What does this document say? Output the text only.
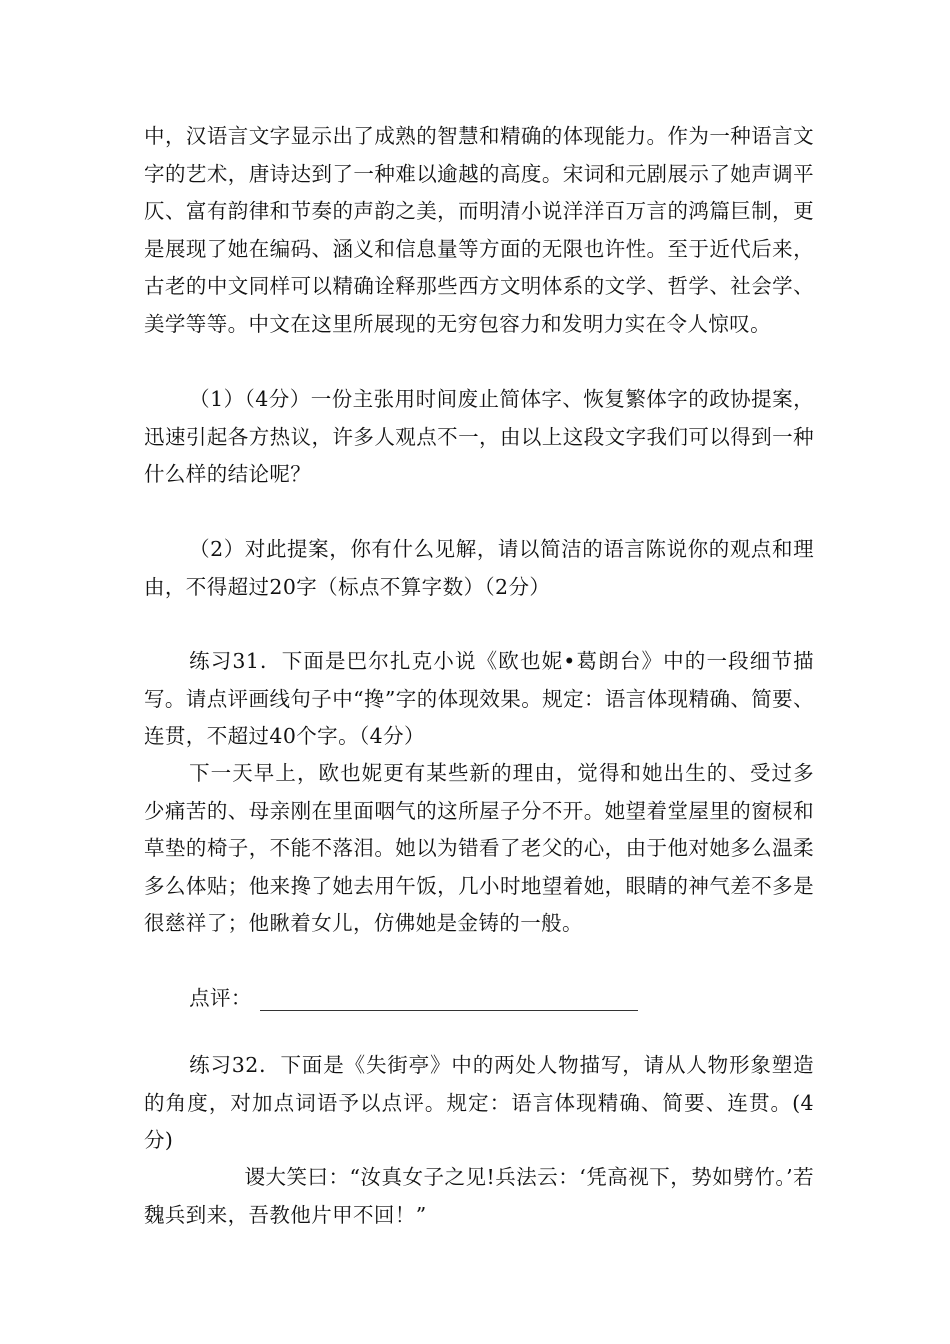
中，汉语言文字显示出了成熟的智慧和精确的体现能力。作为一种语言文字的艺术，唐诗达到了一种难以逾越的高度。宋词和元剧展示了她声调平仄、富有韵律和节奏的声韵之美，而明清小说洋洋百万言的鸿篇巨制，更是展现了她在编码、涵义和信息量等方面的无限也许性。至于近代后来，古老的中文同样可以精确诠释那些西方文明体系的文学、哲学、社会学、美学等等。中文在这里所展现的无穷包容力和发明力实在令人惊叹。

（1）（4分）一份主张用时间废止简体字、恢复繁体字的政协提案，迅速引起各方热议，许多人观点不一，由以上这段文字我们可以得到一种什么样的结论呢？

（2）对此提案，你有什么见解，请以简洁的语言陈说你的观点和理由，不得超过20字（标点不算字数）（2分）

练习31．下面是巴尔扎克小说《欧也妮•葛朗台》中的一段细节描写。请点评画线句子中“搀”字的体现效果。规定：语言体现精确、简要、连贯，不超过40个字。（4分）

下一天早上，欧也妮更有某些新的理由，觉得和她出生的、受过多少痛苦的、母亲刚在里面咽气的这所屋子分不开。她望着堂屋里的窗棂和草垫的椅子，不能不落泪。她以为错看了老父的心，由于他对她多么温柔多么体贴；他来搀了她去用午饭，几小时地望着她，眼睛的神气差不多是很慈祥了；他瞅着女儿，仿佛她是金铸的一般。

点评：

练习32．下面是《失街亭》中的两处人物描写，请从人物形象塑造的角度，对加点词语予以点评。规定：语言体现精确、简要、连贯。(4分)

谡大笑曰：“汝真女子之见!兵法云：‘凭高视下，势如劈竹。’若魏兵到来，吾教他片甲不回！”
